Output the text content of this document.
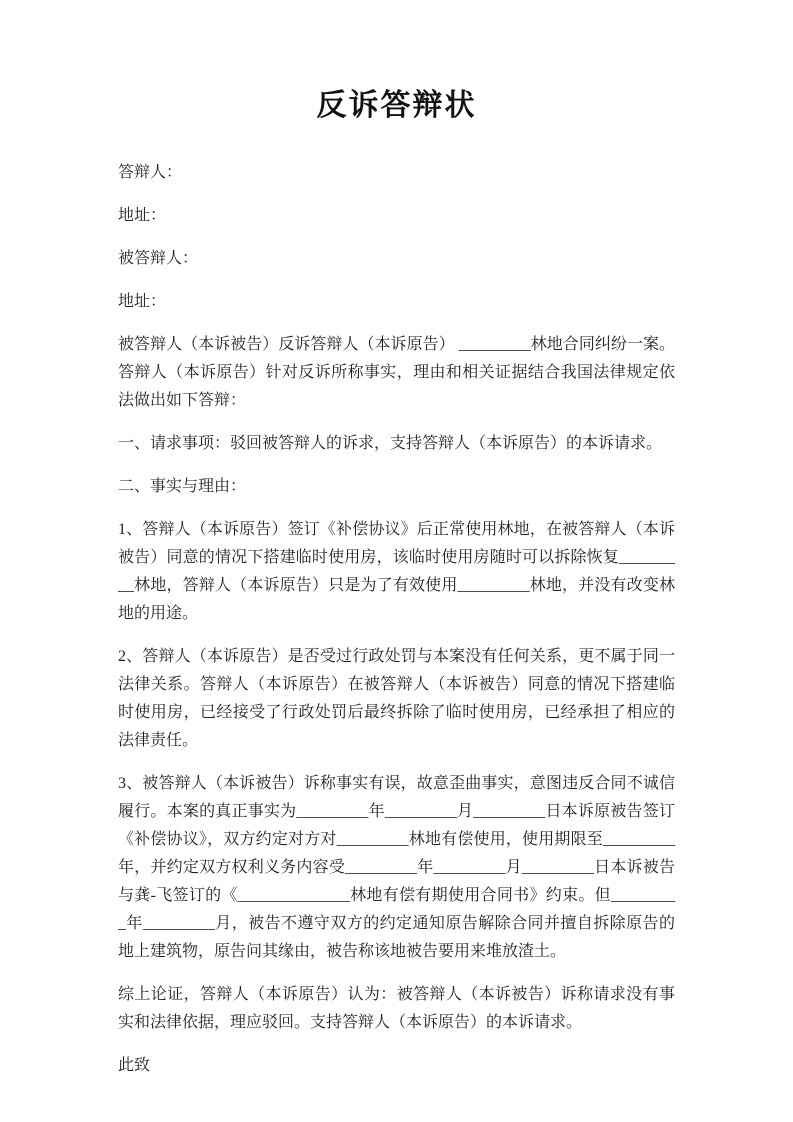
反诉答辩状

答辩人：

地址：

被答辩人：

地址：

被答辩人（本诉被告）反诉答辩人（本诉原告） _________林地合同纠纷一案。答辩人（本诉原告）针对反诉所称事实，理由和相关证据结合我国法律规定依法做出如下答辩：

一、请求事项：驳回被答辩人的诉求，支持答辩人（本诉原告）的本诉请求。

二、事实与理由：

1、答辩人（本诉原告）签订《补偿协议》后正常使用林地，在被答辩人（本诉被告）同意的情况下搭建临时使用房，该临时使用房随时可以拆除恢复_________林地，答辩人（本诉原告）只是为了有效使用_________林地，并没有改变林地的用途。

2、答辩人（本诉原告）是否受过行政处罚与本案没有任何关系，更不属于同一法律关系。答辩人（本诉原告）在被答辩人（本诉被告）同意的情况下搭建临时使用房，已经接受了行政处罚后最终拆除了临时使用房，已经承担了相应的法律责任。

3、被答辩人（本诉被告）诉称事实有误，故意歪曲事实，意图违反合同不诚信履行。本案的真正事实为_________年_________月_________日本诉原被告签订《补偿协议》，双方约定对方对_________林地有偿使用，使用期限至_________年，并约定双方权利义务内容受_________年_________月_________日本诉被告与龚-飞签订的《______________林地有偿有期使用合同书》约束。但_________年_________月，被告不遵守双方的约定通知原告解除合同并擅自拆除原告的地上建筑物，原告问其缘由，被告称该地被告要用来堆放渣土。

综上论证，答辩人（本诉原告）认为：被答辩人（本诉被告）诉称请求没有事实和法律依据，理应驳回。支持答辩人（本诉原告）的本诉请求。

此致
